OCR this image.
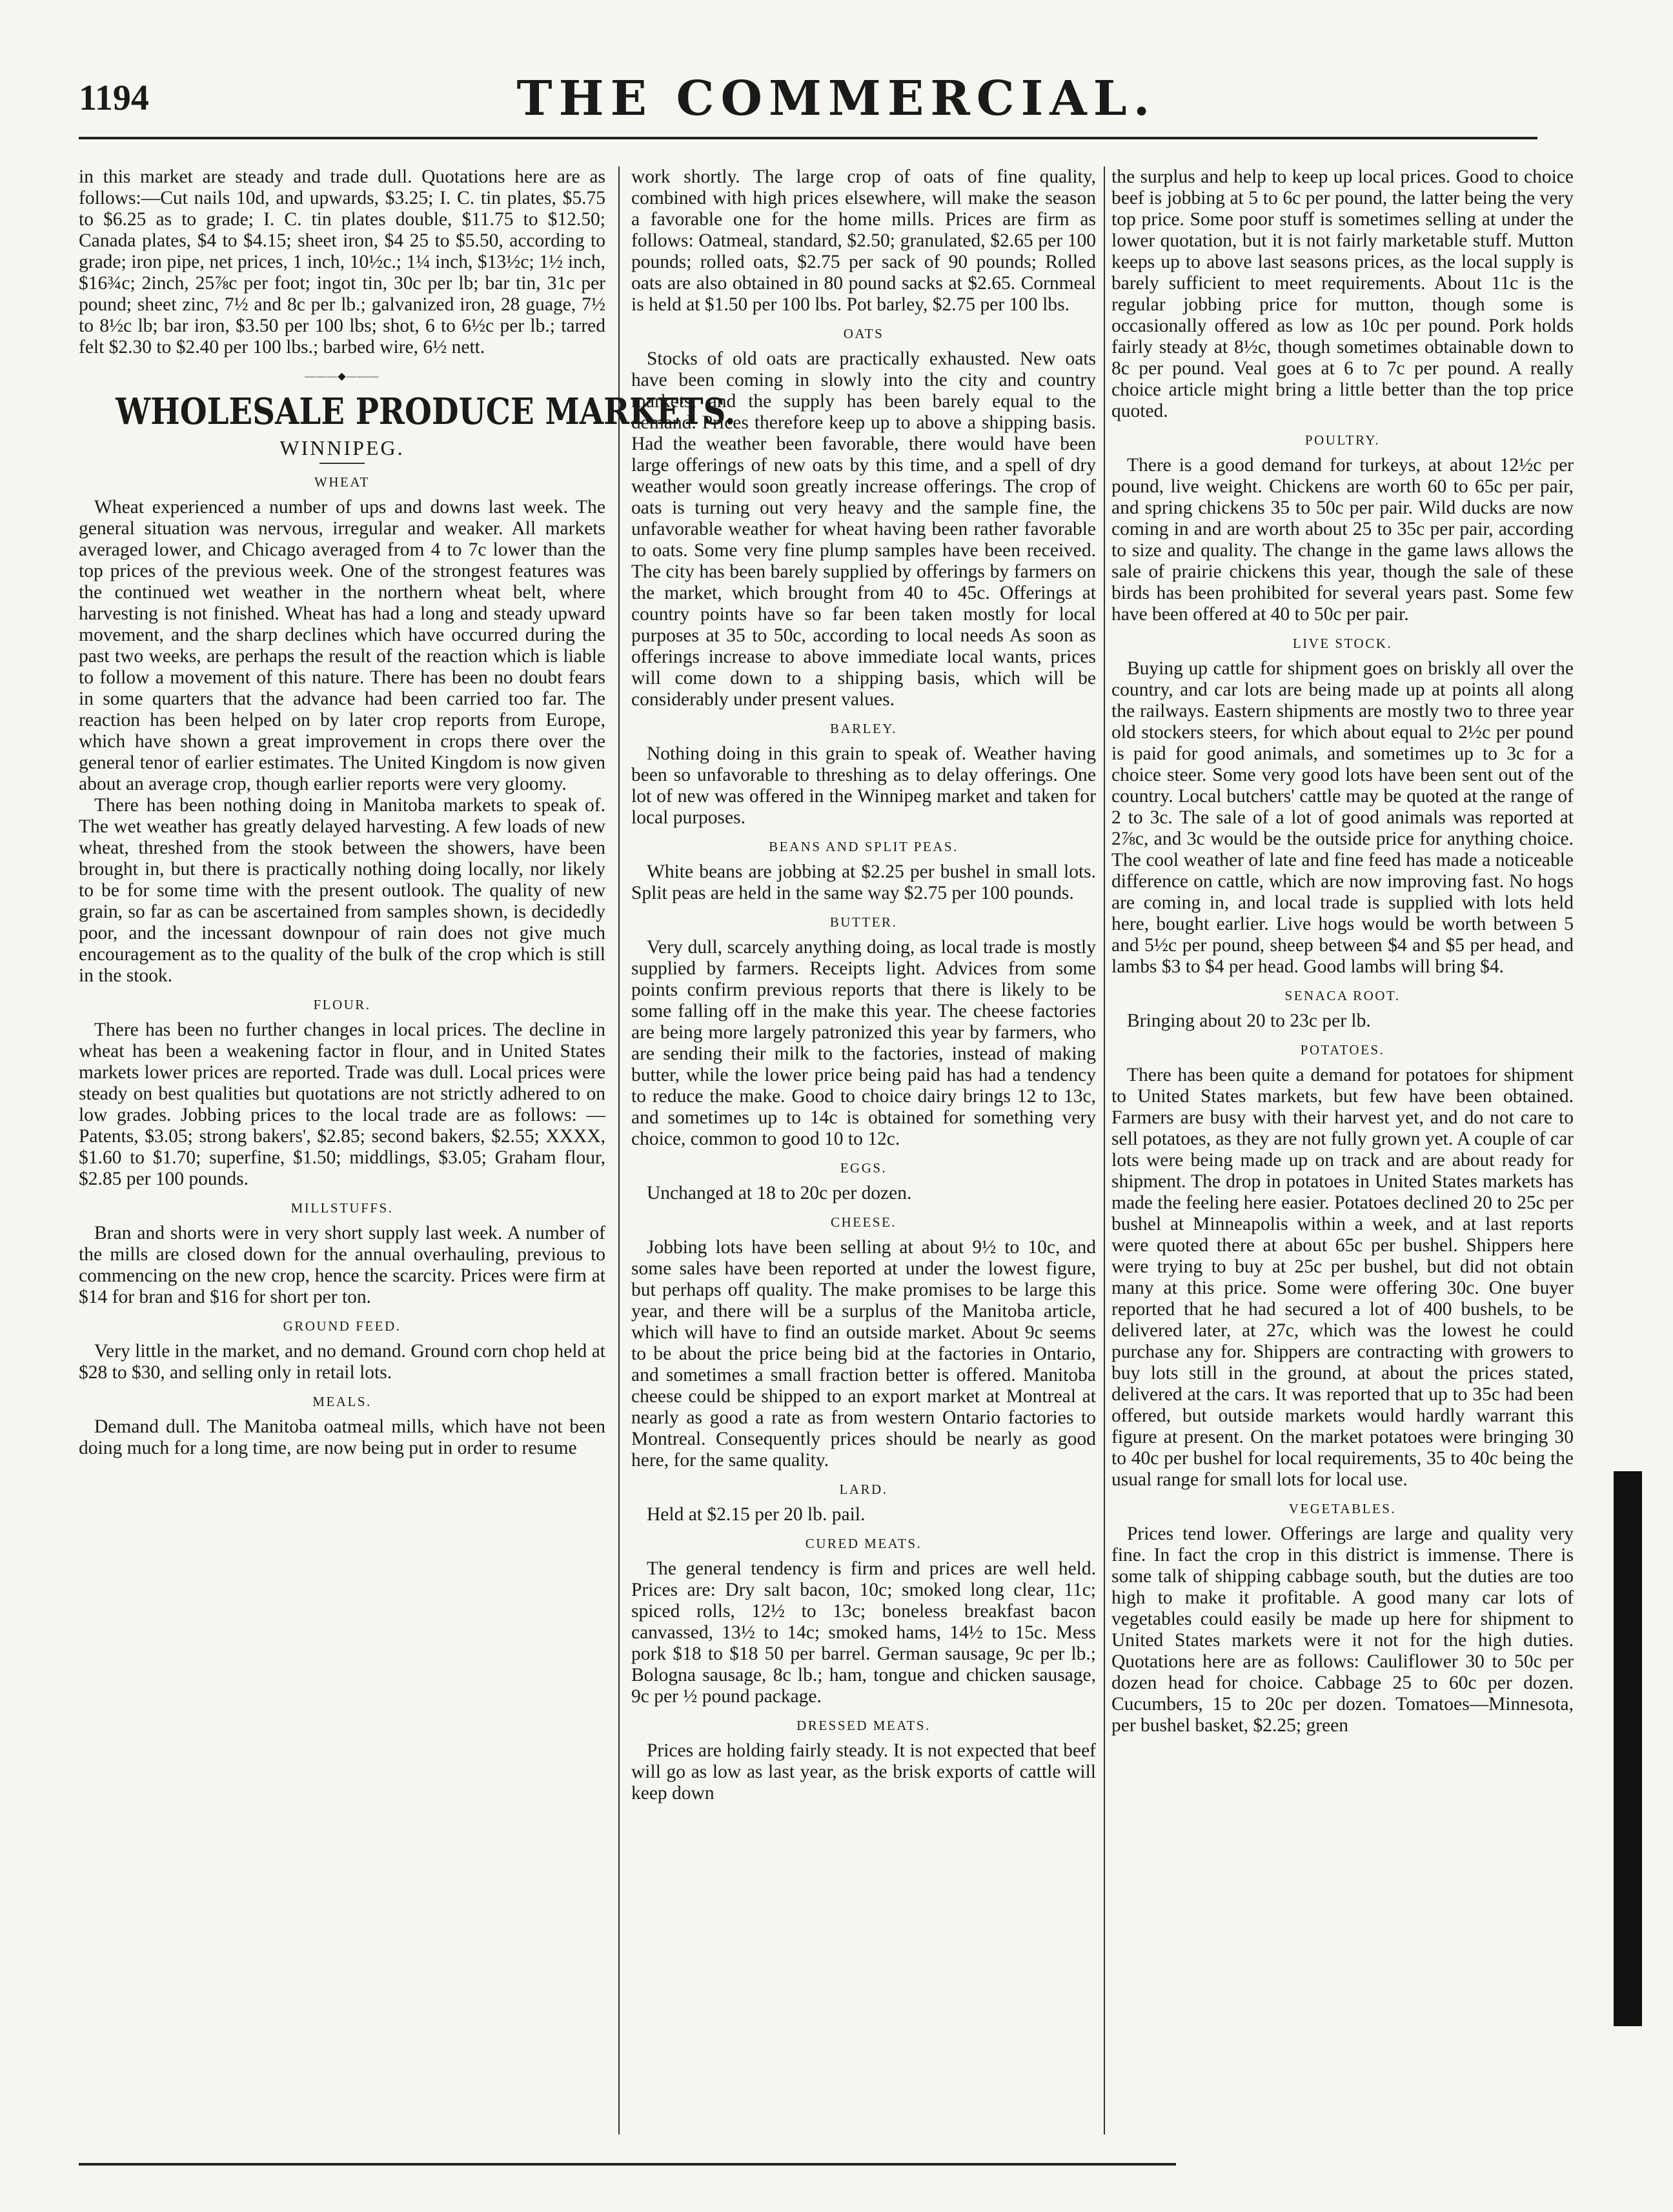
1194	THE COMMERCIAL.

in this market are steady and trade dull. Quotations here are as follows:—Cut nails 10d, and upwards, $3.25; I. C. tin plates, $5.75 to $6.25 as to grade; I. C. tin plates double, $11.75 to $12.50; Canada plates, $4 to $4.15; sheet iron, $4 25 to $5.50, according to grade; iron pipe, net prices, 1 inch, 10½c.; 1¼ inch, $13½c; 1½ inch, $16¾c; 2inch, 25⅞c per foot; ingot tin, 30c per lb; bar tin, 31c per pound; sheet zinc, 7½ and 8c per lb.; galvanized iron, 28 guage, 7½ to 8½c lb; bar iron, $3.50 per 100 lbs; shot, 6 to 6½c per lb.; tarred felt $2.30 to $2.40 per 100 lbs.; barbed wire, 6½ nett.

———◆———
WHOLESALE PRODUCE MARKETS.
WINNIPEG.
WHEAT

Wheat experienced a number of ups and downs last week. The general situation was nervous, irregular and weaker. All markets averaged lower, and Chicago averaged from 4 to 7c lower than the top prices of the previous week. One of the strongest features was the continued wet weather in the northern wheat belt, where harvesting is not finished. Wheat has had a long and steady upward movement, and the sharp declines which have occurred during the past two weeks, are perhaps the result of the reaction which is liable to follow a movement of this nature. There has been no doubt fears in some quarters that the advance had been carried too far. The reaction has been helped on by later crop reports from Europe, which have shown a great improvement in crops there over the general tenor of earlier estimates. The United Kingdom is now given about an average crop, though earlier reports were very gloomy.

There has been nothing doing in Manitoba markets to speak of. The wet weather has greatly delayed harvesting. A few loads of new wheat, threshed from the stook between the showers, have been brought in, but there is practically nothing doing locally, nor likely to be for some time with the present outlook. The quality of new grain, so far as can be ascertained from samples shown, is decidedly poor, and the incessant downpour of rain does not give much encouragement as to the quality of the bulk of the crop which is still in the stook.

FLOUR.

There has been no further changes in local prices. The decline in wheat has been a weakening factor in flour, and in United States markets lower prices are reported. Trade was dull. Local prices were steady on best qualities but quotations are not strictly adhered to on low grades. Jobbing prices to the local trade are as follows: — Patents, $3.05; strong bakers', $2.85; second bakers, $2.55; XXXX, $1.60 to $1.70; superfine, $1.50; middlings, $3.05; Graham flour, $2.85 per 100 pounds.

MILLSTUFFS.

Bran and shorts were in very short supply last week. A number of the mills are closed down for the annual overhauling, previous to commencing on the new crop, hence the scarcity. Prices were firm at $14 for bran and $16 for short per ton.

GROUND FEED.

Very little in the market, and no demand. Ground corn chop held at $28 to $30, and selling only in retail lots.

MEALS.

Demand dull. The Manitoba oatmeal mills, which have not been doing much for a long time, are now being put in order to resume

work shortly. The large crop of oats of fine quality, combined with high prices elsewhere, will make the season a favorable one for the home mills. Prices are firm as follows: Oatmeal, standard, $2.50; granulated, $2.65 per 100 pounds; rolled oats, $2.75 per sack of 90 pounds; Rolled oats are also obtained in 80 pound sacks at $2.65. Cornmeal is held at $1.50 per 100 lbs. Pot barley, $2.75 per 100 lbs.

OATS

Stocks of old oats are practically exhausted. New oats have been coming in slowly into the city and country markets, and the supply has been barely equal to the demand. Prices therefore keep up to above a shipping basis. Had the weather been favorable, there would have been large offerings of new oats by this time, and a spell of dry weather would soon greatly increase offerings. The crop of oats is turning out very heavy and the sample fine, the unfavorable weather for wheat having been rather favorable to oats. Some very fine plump samples have been received. The city has been barely supplied by offerings by farmers on the market, which brought from 40 to 45c. Offerings at country points have so far been taken mostly for local purposes at 35 to 50c, according to local needs As soon as offerings increase to above immediate local wants, prices will come down to a shipping basis, which will be considerably under present values.

BARLEY.

Nothing doing in this grain to speak of. Weather having been so unfavorable to threshing as to delay offerings. One lot of new was offered in the Winnipeg market and taken for local purposes.

BEANS AND SPLIT PEAS.

White beans are jobbing at $2.25 per bushel in small lots. Split peas are held in the same way $2.75 per 100 pounds.

BUTTER.

Very dull, scarcely anything doing, as local trade is mostly supplied by farmers. Receipts light. Advices from some points confirm previous reports that there is likely to be some falling off in the make this year. The cheese factories are being more largely patronized this year by farmers, who are sending their milk to the factories, instead of making butter, while the lower price being paid has had a tendency to reduce the make. Good to choice dairy brings 12 to 13c, and sometimes up to 14c is obtained for something very choice, common to good 10 to 12c.

EGGS.

Unchanged at 18 to 20c per dozen.

CHEESE.

Jobbing lots have been selling at about 9½ to 10c, and some sales have been reported at under the lowest figure, but perhaps off quality. The make promises to be large this year, and there will be a surplus of the Manitoba article, which will have to find an outside market. About 9c seems to be about the price being bid at the factories in Ontario, and sometimes a small fraction better is offered. Manitoba cheese could be shipped to an export market at Montreal at nearly as good a rate as from western Ontario factories to Montreal. Consequently prices should be nearly as good here, for the same quality.

LARD.

Held at $2.15 per 20 lb. pail.

CURED MEATS.

The general tendency is firm and prices are well held. Prices are: Dry salt bacon, 10c; smoked long clear, 11c; spiced rolls, 12½ to 13c; boneless breakfast bacon canvassed, 13½ to 14c; smoked hams, 14½ to 15c. Mess pork $18 to $18 50 per barrel. German sausage, 9c per lb.; Bologna sausage, 8c lb.; ham, tongue and chicken sausage, 9c per ½ pound package.

DRESSED MEATS.

Prices are holding fairly steady. It is not expected that beef will go as low as last year, as the brisk exports of cattle will keep down

the surplus and help to keep up local prices. Good to choice beef is jobbing at 5 to 6c per pound, the latter being the very top price. Some poor stuff is sometimes selling at under the lower quotation, but it is not fairly marketable stuff. Mutton keeps up to above last seasons prices, as the local supply is barely sufficient to meet requirements. About 11c is the regular jobbing price for mutton, though some is occasionally offered as low as 10c per pound. Pork holds fairly steady at 8½c, though sometimes obtainable down to 8c per pound. Veal goes at 6 to 7c per pound. A really choice article might bring a little better than the top price quoted.

POULTRY.

There is a good demand for turkeys, at about 12½c per pound, live weight. Chickens are worth 60 to 65c per pair, and spring chickens 35 to 50c per pair. Wild ducks are now coming in and are worth about 25 to 35c per pair, according to size and quality. The change in the game laws allows the sale of prairie chickens this year, though the sale of these birds has been prohibited for several years past. Some few have been offered at 40 to 50c per pair.

LIVE STOCK.

Buying up cattle for shipment goes on briskly all over the country, and car lots are being made up at points all along the railways. Eastern shipments are mostly two to three year old stockers steers, for which about equal to 2½c per pound is paid for good animals, and sometimes up to 3c for a choice steer. Some very good lots have been sent out of the country. Local butchers' cattle may be quoted at the range of 2 to 3c. The sale of a lot of good animals was reported at 2⅞c, and 3c would be the outside price for anything choice. The cool weather of late and fine feed has made a noticeable difference on cattle, which are now improving fast. No hogs are coming in, and local trade is supplied with lots held here, bought earlier. Live hogs would be worth between 5 and 5½c per pound, sheep between $4 and $5 per head, and lambs $3 to $4 per head. Good lambs will bring $4.

SENACA ROOT.

Bringing about 20 to 23c per lb.

POTATOES.

There has been quite a demand for potatoes for shipment to United States markets, but few have been obtained. Farmers are busy with their harvest yet, and do not care to sell potatoes, as they are not fully grown yet. A couple of car lots were being made up on track and are about ready for shipment. The drop in potatoes in United States markets has made the feeling here easier. Potatoes declined 20 to 25c per bushel at Minneapolis within a week, and at last reports were quoted there at about 65c per bushel. Shippers here were trying to buy at 25c per bushel, but did not obtain many at this price. Some were offering 30c. One buyer reported that he had secured a lot of 400 bushels, to be delivered later, at 27c, which was the lowest he could purchase any for. Shippers are contracting with growers to buy lots still in the ground, at about the prices stated, delivered at the cars. It was reported that up to 35c had been offered, but outside markets would hardly warrant this figure at present. On the market potatoes were bringing 30 to 40c per bushel for local requirements, 35 to 40c being the usual range for small lots for local use.

VEGETABLES.

Prices tend lower. Offerings are large and quality very fine. In fact the crop in this district is immense. There is some talk of shipping cabbage south, but the duties are too high to make it profitable. A good many car lots of vegetables could easily be made up here for shipment to United States markets were it not for the high duties. Quotations here are as follows: Cauliflower 30 to 50c per dozen head for choice. Cabbage 25 to 60c per dozen. Cucumbers, 15 to 20c per dozen. Tomatoes—Minnesota, per bushel basket, $2.25; green
